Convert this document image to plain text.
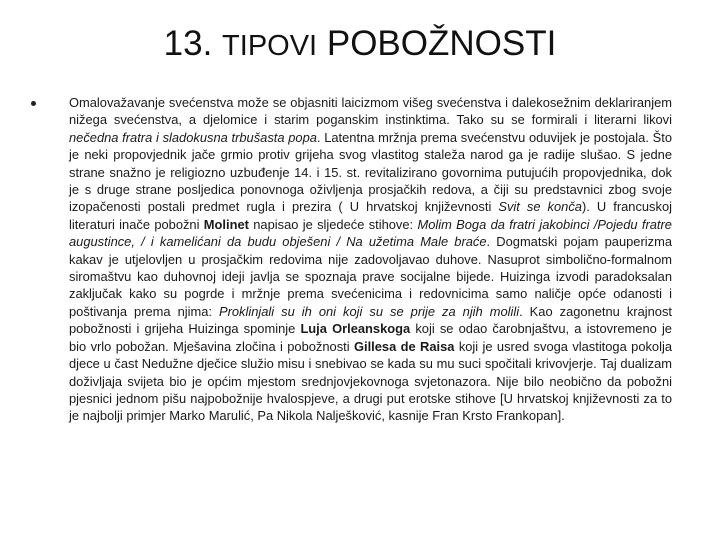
13. TIPOVI POBOŽNOSTI

Omalovažavanje svećenstva može se objasniti laicizmom višeg svećenstva i dalekosežnim deklariranjem nižega svećenstva, a djelomice i starim poganskim instinktima. Tako su se formirali i literarni likovi nečedna fratra i sladokusna trbušasta popa. Latentna mržnja prema svećenstvu oduvijek je postojala. Što je neki propovjednik jače grmio protiv grijeha svog vlastitog staleža narod ga je radije slušao. S jedne strane snažno je religiozno uzbuđenje 14. i 15. st. revitalizirano govornima putujućih propovjednika, dok je s druge strane posljedica ponovnoga oživljenja prosjačkih redova, a čiji su predstavnici zbog svoje izopačenosti postali predmet rugla i prezira ( U hrvatskoj književnosti Svit se konča). U francuskoj literaturi inače pobožni Molinet napisao je sljedeće stihove: Molim Boga da fratri jakobinci /Pojedu fratre augustince, / i kamelićani da budu obješeni / Na užetima Male braće. Dogmatski pojam pauperizma kakav je utjelovljen u prosjačkim redovima nije zadovoljavao duhove. Nasuprot simbolično-formalnom siromaštvu kao duhovnoj ideji javlja se spoznaja prave socijalne bijede. Huizinga izvodi paradoksalan zaključak kako su pogrde i mržnje prema svećenicima i redovnicima samo naličje opće odanosti i poštivanja prema njima: Proklinjali su ih oni koji su se prije za njih molili. Kao zagonetnu krajnost pobožnosti i grijeha Huizinga spominje Luja Orleanskoga koji se odao čarobnjaštvu, a istovremeno je bio vrlo pobožan. Mješavina zločina i pobožnosti Gillesa de Raisa koji je usred svoga vlastitoga pokolja djece u čast Nedužne dječice služio misu i snebivao se kada su mu suci spočitali krivovjerje. Taj dualizam doživljaja svijeta bio je općim mjestom srednjovjekovnoga svjetonazora. Nije bilo neobično da pobožni pjesnici jednom pišu najpobožnije hvalospjeve, a drugi put erotske stihove [U hrvatskoj književnosti za to je najbolji primjer Marko Marulić, Pa Nikola Nalješković, kasnije Fran Krsto Frankopan].
